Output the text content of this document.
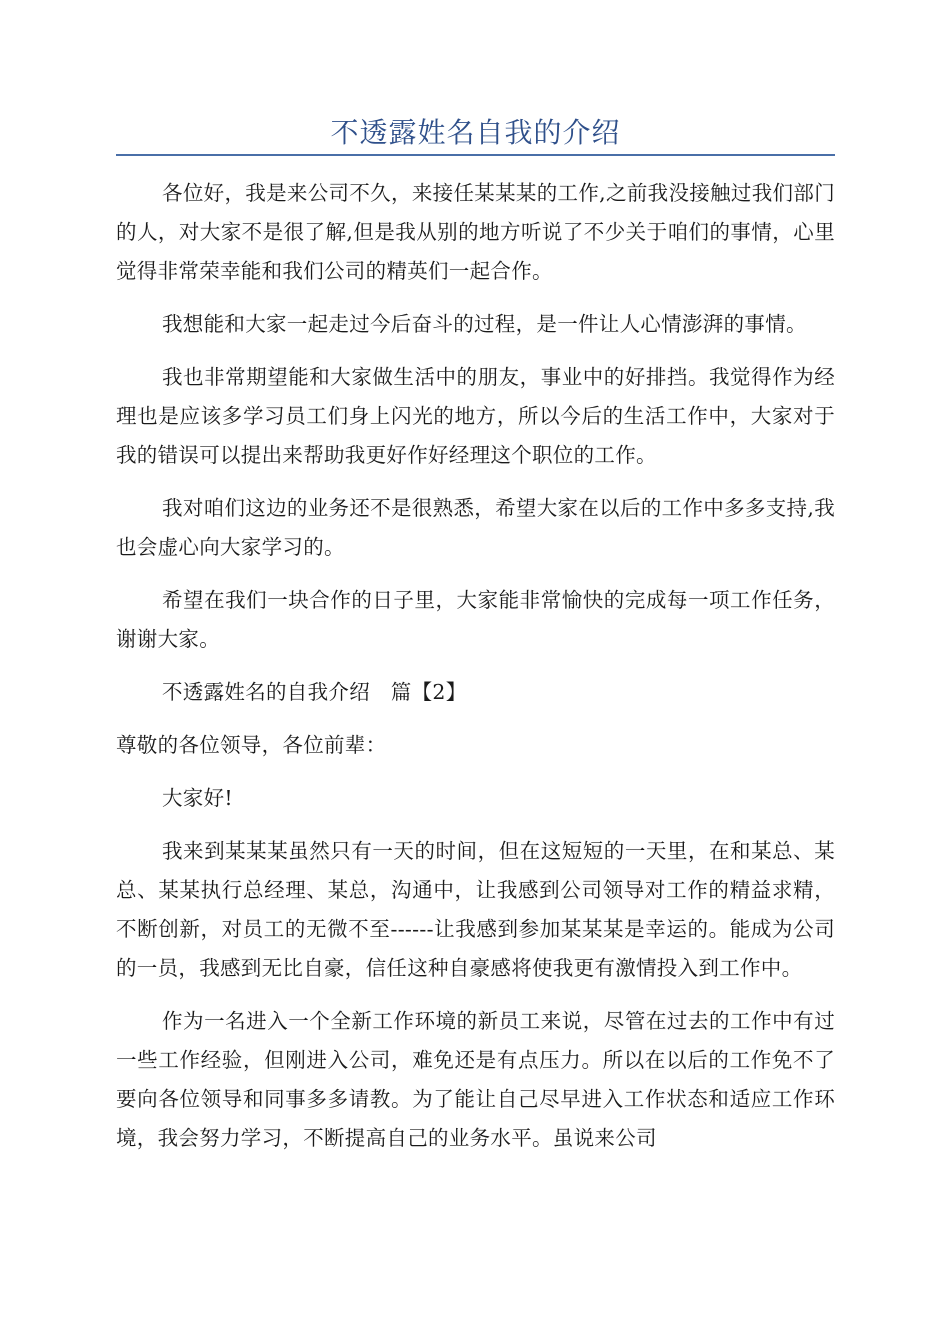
不透露姓名自我的介绍

各位好，我是来公司不久，来接任某某某的工作,之前我没接触过我们部门的人，对大家不是很了解,但是我从别的地方听说了不少关于咱们的事情，心里觉得非常荣幸能和我们公司的精英们一起合作。

我想能和大家一起走过今后奋斗的过程，是一件让人心情澎湃的事情。

我也非常期望能和大家做生活中的朋友，事业中的好排挡。我觉得作为经理也是应该多学习员工们身上闪光的地方，所以今后的生活工作中，大家对于我的错误可以提出来帮助我更好作好经理这个职位的工作。

我对咱们这边的业务还不是很熟悉，希望大家在以后的工作中多多支持,我也会虚心向大家学习的。

希望在我们一块合作的日子里，大家能非常愉快的完成每一项工作任务，谢谢大家。

不透露姓名的自我介绍　篇【2】

尊敬的各位领导，各位前辈：

大家好!

我来到某某某虽然只有一天的时间，但在这短短的一天里，在和某总、某总、某某执行总经理、某总，沟通中，让我感到公司领导对工作的精益求精，不断创新，对员工的无微不至------让我感到参加某某某是幸运的。能成为公司的一员，我感到无比自豪，信任这种自豪感将使我更有激情投入到工作中。

作为一名进入一个全新工作环境的新员工来说，尽管在过去的工作中有过一些工作经验，但刚进入公司，难免还是有点压力。所以在以后的工作免不了要向各位领导和同事多多请教。为了能让自己尽早进入工作状态和适应工作环境，我会努力学习，不断提高自己的业务水平。虽说来公司
